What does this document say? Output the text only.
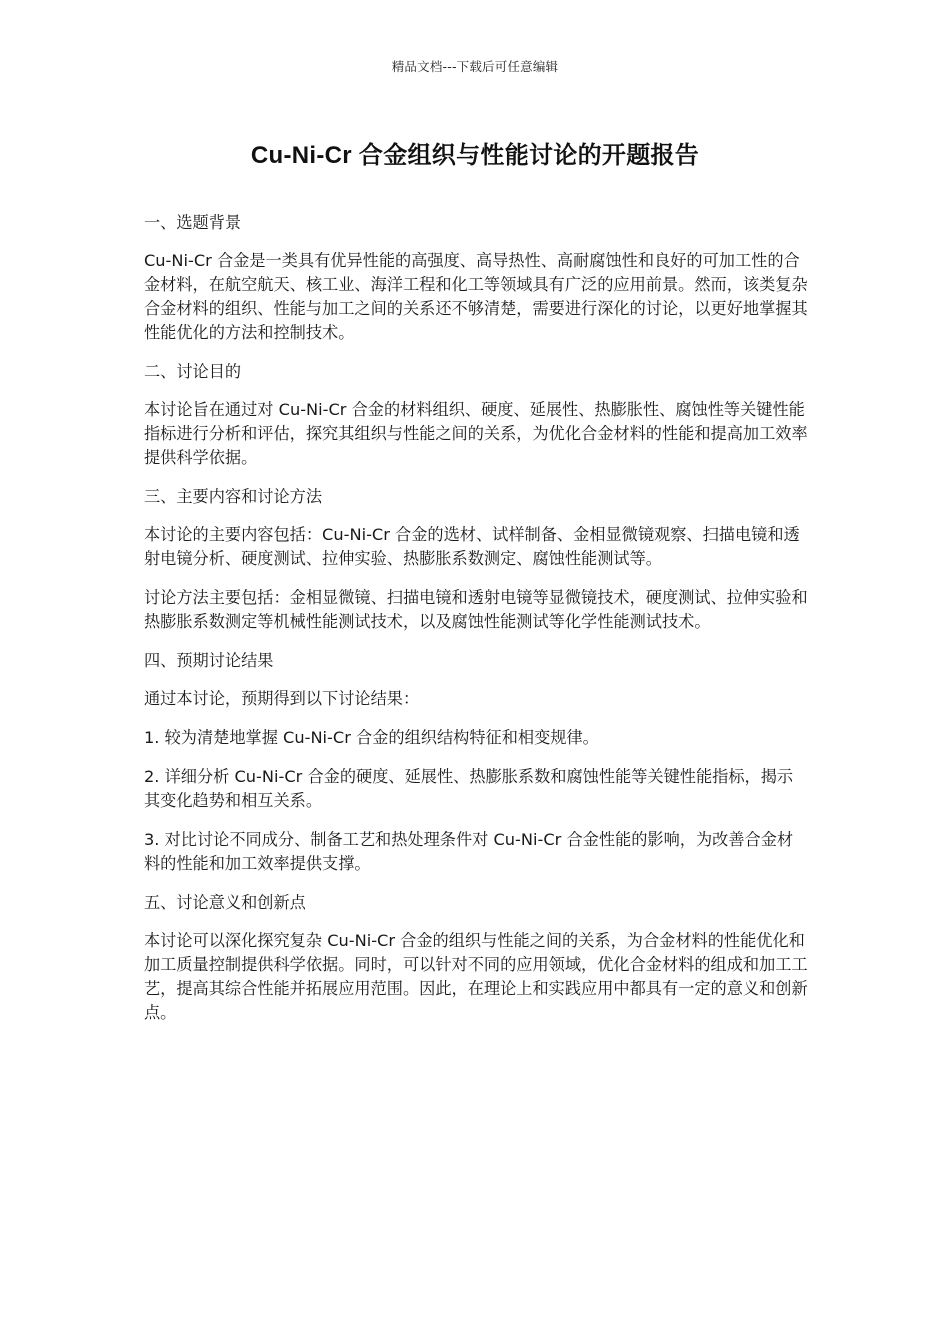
精品文档---下载后可任意编辑
Cu-Ni-Cr 合金组织与性能讨论的开题报告

一、选题背景

Cu-Ni-Cr 合金是一类具有优异性能的高强度、高导热性、高耐腐蚀性和良好的可加工性的合金材料，在航空航天、核工业、海洋工程和化工等领域具有广泛的应用前景。然而，该类复杂合金材料的组织、性能与加工之间的关系还不够清楚，需要进行深化的讨论，以更好地掌握其性能优化的方法和控制技术。

二、讨论目的

本讨论旨在通过对 Cu-Ni-Cr 合金的材料组织、硬度、延展性、热膨胀性、腐蚀性等关键性能指标进行分析和评估，探究其组织与性能之间的关系，为优化合金材料的性能和提高加工效率提供科学依据。

三、主要内容和讨论方法

本讨论的主要内容包括：Cu-Ni-Cr 合金的选材、试样制备、金相显微镜观察、扫描电镜和透射电镜分析、硬度测试、拉伸实验、热膨胀系数测定、腐蚀性能测试等。

讨论方法主要包括：金相显微镜、扫描电镜和透射电镜等显微镜技术，硬度测试、拉伸实验和热膨胀系数测定等机械性能测试技术，以及腐蚀性能测试等化学性能测试技术。

四、预期讨论结果

通过本讨论，预期得到以下讨论结果：

1. 较为清楚地掌握 Cu-Ni-Cr 合金的组织结构特征和相变规律。

2. 详细分析 Cu-Ni-Cr 合金的硬度、延展性、热膨胀系数和腐蚀性能等关键性能指标，揭示其变化趋势和相互关系。

3. 对比讨论不同成分、制备工艺和热处理条件对 Cu-Ni-Cr 合金性能的影响，为改善合金材料的性能和加工效率提供支撑。

五、讨论意义和创新点

本讨论可以深化探究复杂 Cu-Ni-Cr 合金的组织与性能之间的关系，为合金材料的性能优化和加工质量控制提供科学依据。同时，可以针对不同的应用领域，优化合金材料的组成和加工工艺，提高其综合性能并拓展应用范围。因此，在理论上和实践应用中都具有一定的意义和创新点。
